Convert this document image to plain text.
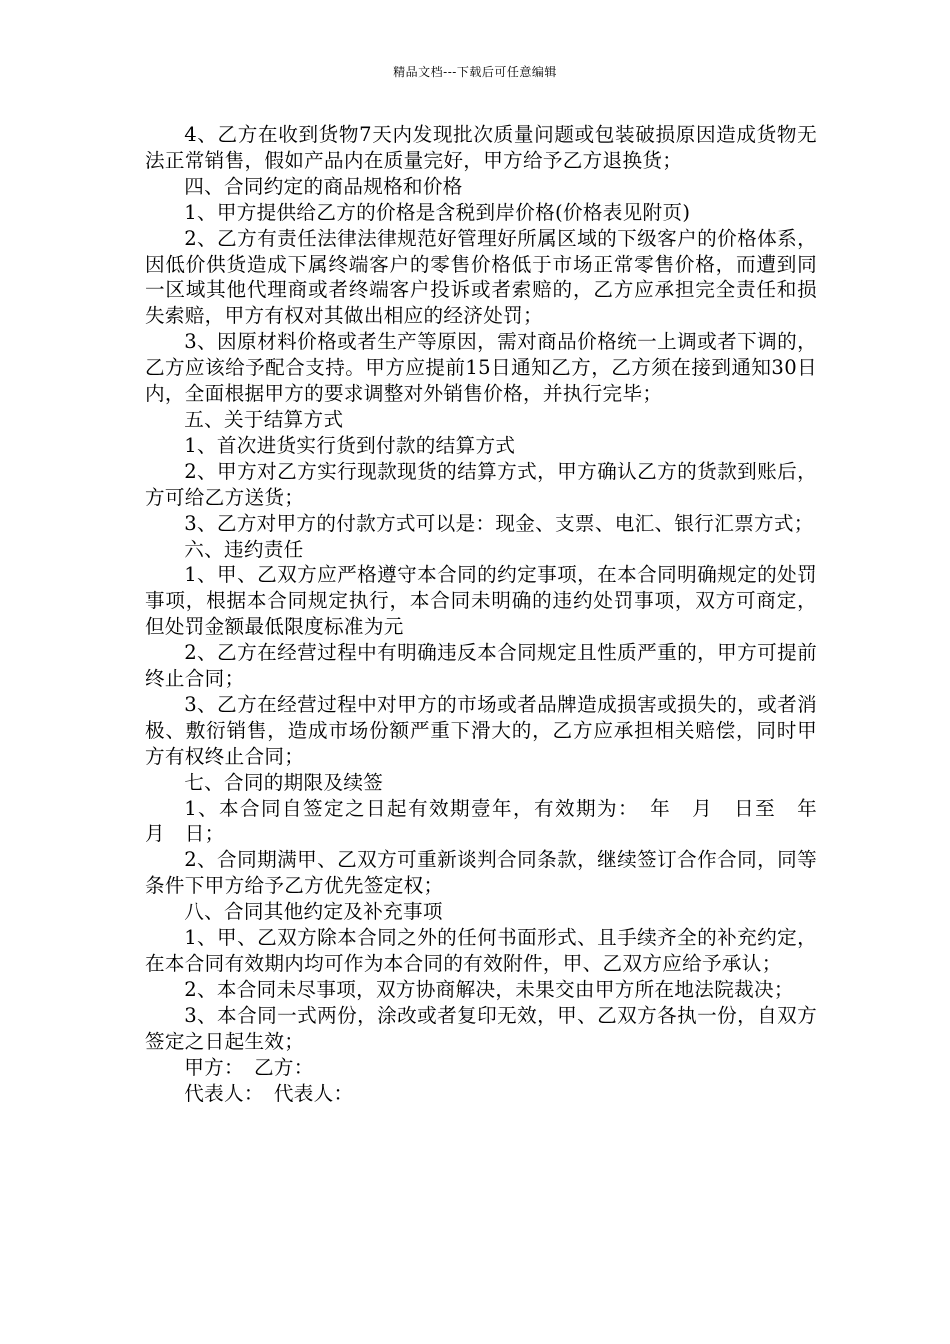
精品文档---下载后可任意编辑

4、乙方在收到货物7天内发现批次质量问题或包装破损原因造成货物无法正常销售，假如产品内在质量完好，甲方给予乙方退换货；

四、合同约定的商品规格和价格

1、甲方提供给乙方的价格是含税到岸价格(价格表见附页)

2、乙方有责任法律法律规范好管理好所属区域的下级客户的价格体系，因低价供货造成下属终端客户的零售价格低于市场正常零售价格，而遭到同一区域其他代理商或者终端客户投诉或者索赔的，乙方应承担完全责任和损失索赔，甲方有权对其做出相应的经济处罚；

3、因原材料价格或者生产等原因，需对商品价格统一上调或者下调的，乙方应该给予配合支持。甲方应提前15日通知乙方，乙方须在接到通知30日内，全面根据甲方的要求调整对外销售价格，并执行完毕；

五、关于结算方式

1、首次进货实行货到付款的结算方式

2、甲方对乙方实行现款现货的结算方式，甲方确认乙方的货款到账后，方可给乙方送货；

3、乙方对甲方的付款方式可以是：现金、支票、电汇、银行汇票方式；

六、违约责任

1、甲、乙双方应严格遵守本合同的约定事项，在本合同明确规定的处罚事项，根据本合同规定执行，本合同未明确的违约处罚事项，双方可商定，但处罚金额最低限度标准为元

2、乙方在经营过程中有明确违反本合同规定且性质严重的，甲方可提前终止合同；

3、乙方在经营过程中对甲方的市场或者品牌造成损害或损失的，或者消极、敷衍销售，造成市场份额严重下滑大的，乙方应承担相关赔偿，同时甲方有权终止合同；

七、合同的期限及续签

1、本合同自签定之日起有效期壹年，有效期为：　年　月　日至　年　月　日；

2、合同期满甲、乙双方可重新谈判合同条款，继续签订合作合同，同等条件下甲方给予乙方优先签定权；

八、合同其他约定及补充事项

1、甲、乙双方除本合同之外的任何书面形式、且手续齐全的补充约定，在本合同有效期内均可作为本合同的有效附件，甲、乙双方应给予承认；

2、本合同未尽事项，双方协商解决，未果交由甲方所在地法院裁决；

3、本合同一式两份，涂改或者复印无效，甲、乙双方各执一份，自双方签定之日起生效；

甲方：　乙方：

代表人：　代表人：
